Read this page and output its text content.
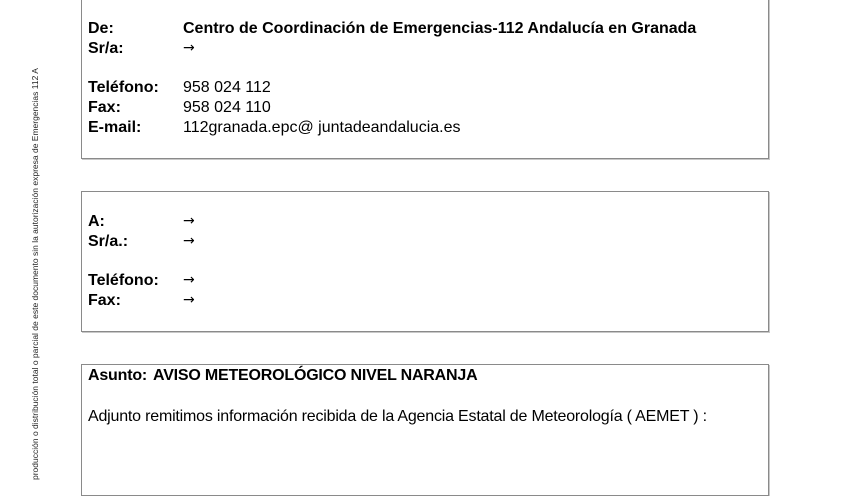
producción o distribución total o parcial de este documento sin la autorización expresa de Emergencias 112 A
De:	Centro de Coordinación de Emergencias-112 Andalucía en Granada
Sr/a:	→
Teléfono: 958 024 112
Fax:	958 024 110
E-mail:	112granada.epc@ juntadeandalucia.es
A:	→
Sr/a.:	→
Teléfono: →
Fax:	→
Asunto: AVISO METEOROLÓGICO NIVEL NARANJA
Adjunto remitimos información recibida de la Agencia Estatal de Meteorología ( AEMET ) :
